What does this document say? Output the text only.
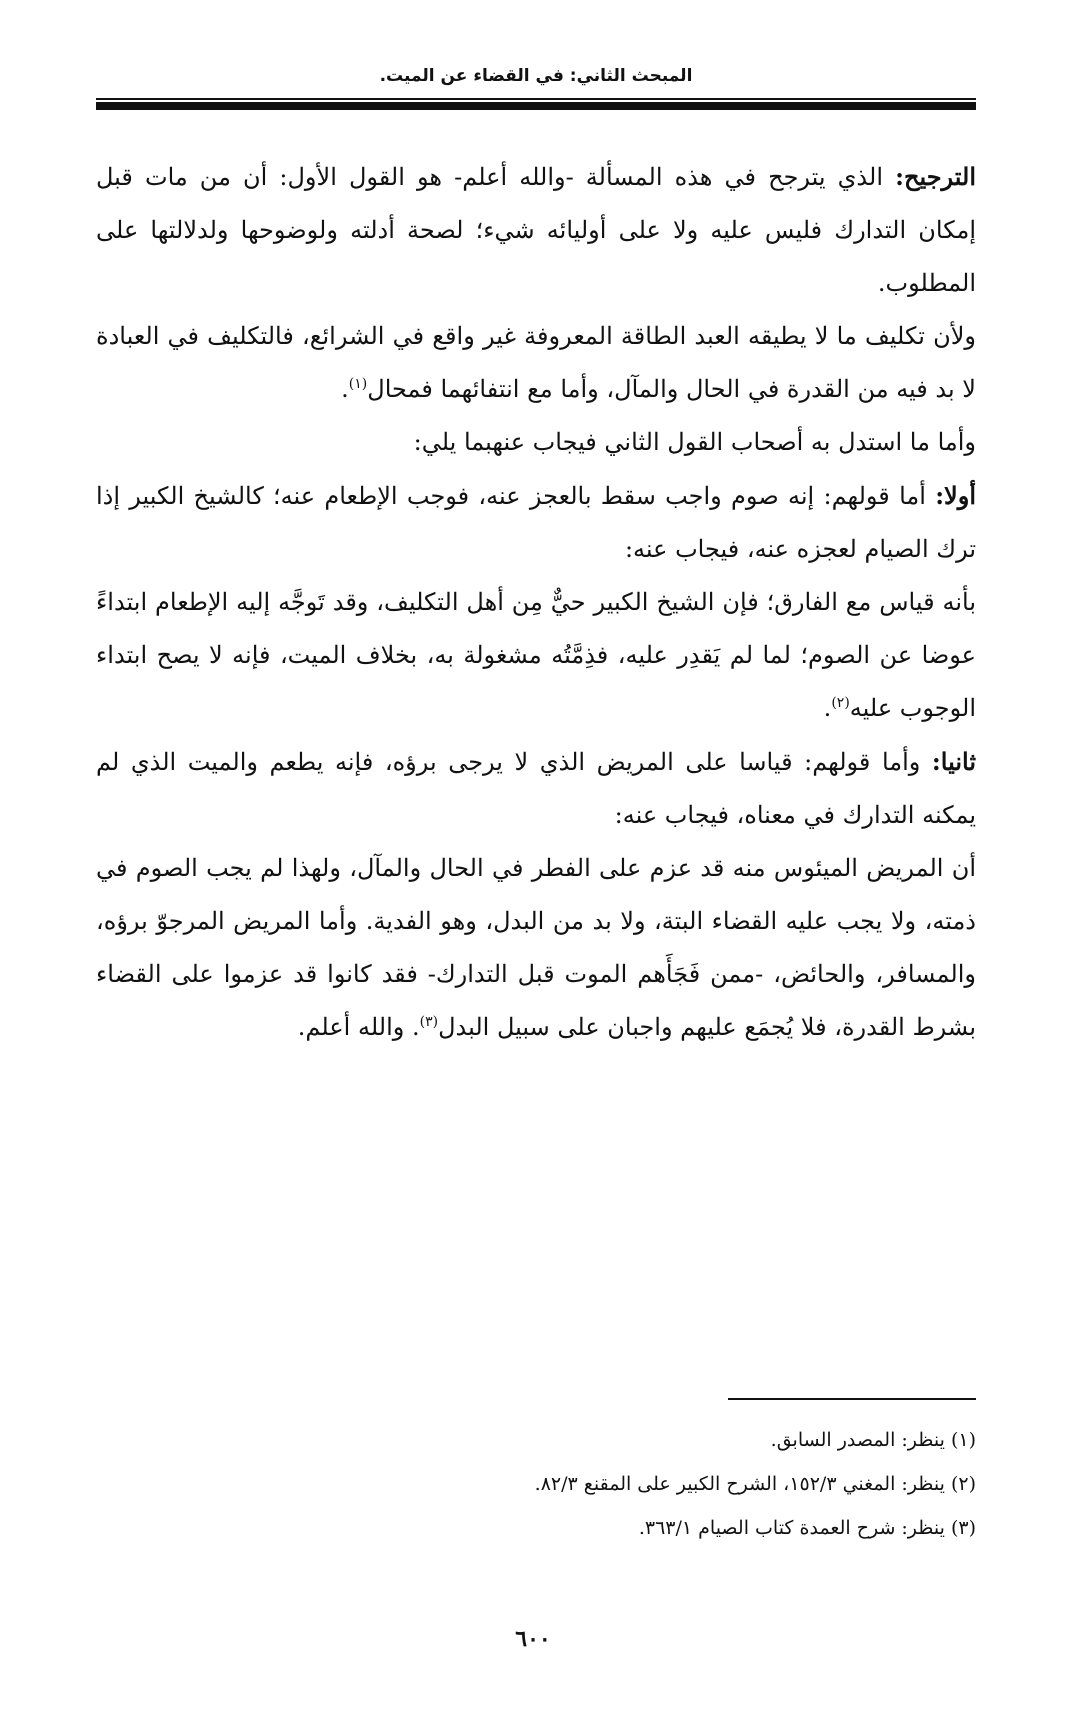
المبحث الثاني: في القضاء عن الميت.

الترجيح: الذي يترجح في هذه المسألة -والله أعلم- هو القول الأول: أن من مات قبل إمكان التدارك فليس عليه ولا على أوليائه شيء؛ لصحة أدلته ولوضوحها ولدلالتها على المطلوب.

ولأن تكليف ما لا يطيقه العبد الطاقة المعروفة غير واقع في الشرائع، فالتكليف في العبادة لا بد فيه من القدرة في الحال والمآل، وأما مع انتفائهما فمحال$^{(١)}$.

وأما ما استدل به أصحاب القول الثاني فيجاب عنهبما يلي:

أولا: أما قولهم: إنه صوم واجب سقط بالعجز عنه، فوجب الإطعام عنه؛ كالشيخ الكبير إذا ترك الصيام لعجزه عنه، فيجاب عنه:

بأنه قياس مع الفارق؛ فإن الشيخ الكبير حيٌّ مِن أهل التكليف، وقد تَوجَّه إليه الإطعام ابتداءً عوضا عن الصوم؛ لما لم يَقدِر عليه، فذِمَّتُه مشغولة به، بخلاف الميت، فإنه لا يصح ابتداء الوجوب عليه$^{(٢)}$.

ثانيا: وأما قولهم: قياسا على المريض الذي لا يرجى برؤه، فإنه يطعم والميت الذي لم يمكنه التدارك في معناه، فيجاب عنه:

أن المريض الميئوس منه قد عزم على الفطر في الحال والمآل، ولهذا لم يجب الصوم في ذمته، ولا يجب عليه القضاء البتة، ولا بد من البدل، وهو الفدية. وأما المريض المرجوّ برؤه، والمسافر، والحائض، -ممن فَجَأَهم الموت قبل التدارك- فقد كانوا قد عزموا على القضاء بشرط القدرة، فلا يُجمَع عليهم واجبان على سبيل البدل$^{(٣)}$. والله أعلم.

(١) ينظر: المصدر السابق.

(٢) ينظر: المغني ١٥٢/٣، الشرح الكبير على المقنع ٨٢/٣.

(٣) ينظر: شرح العمدة كتاب الصيام ٣٦٣/١.

٦٠٠
